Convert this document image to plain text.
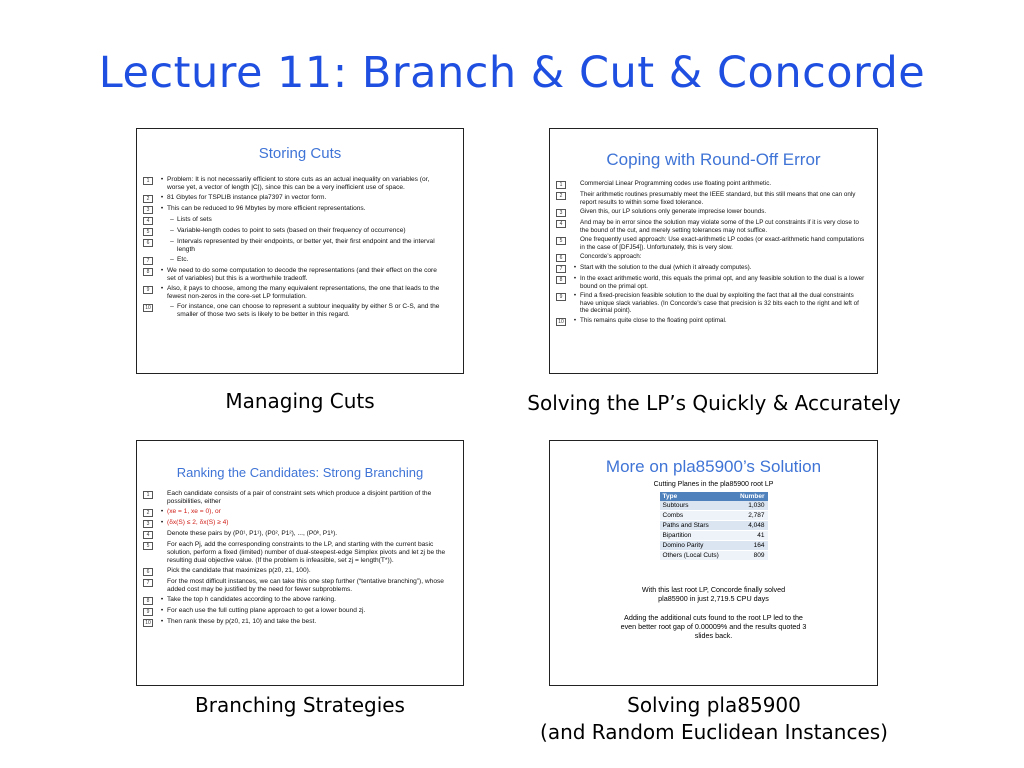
Lecture 11: Branch & Cut & Concorde
Storing Cuts
1	• Problem: It is not necessarily efficient to store cuts as an actual inequality on variables (or, worse yet, a vector of length |C|), since this can be a very inefficient use of space.
2	• 81 Gbytes for TSPLIB instance pla7397 in vector form.
3	• This can be reduced to 96 Mbytes by more efficient representations.
4	– Lists of sets
5	– Variable-length codes to point to sets (based on their frequency of occurrence)
6	– Intervals represented by their endpoints, or better yet, their first endpoint and the interval length
7	– Etc.
8	• We need to do some computation to decode the representations (and their effect on the core set of variables) but this is a worthwhile tradeoff.
9	• Also, it pays to choose, among the many equivalent representations, the one that leads to the fewest non-zeros in the core-set LP formulation.
10	– For instance, one can choose to represent a subtour inequality by either S or C-S, and the smaller of those two sets is likely to be better in this regard.
Managing Cuts
Coping with Round-Off Error
1	Commercial Linear Programming codes use floating point arithmetic.
2	Their arithmetic routines presumably meet the IEEE standard, but this still means that one can only report results to within some fixed tolerance.
3	Given this, our LP solutions only generate imprecise lower bounds.
4	And may be in error since the solution may violate some of the LP cut constraints if it is very close to the bound of the cut, and merely setting tolerances may not suffice.
5	One frequently used approach: Use exact-arithmetic LP codes (or exact-arithmetic hand computations in the case of [DFJ54]). Unfortunately, this is very slow.
6	Concorde’s approach:
7	• Start with the solution to the dual (which it already computes).
8	• In the exact arithmetic world, this equals the primal opt, and any feasible solution to the dual is a lower bound on the primal opt.
9	• Find a fixed-precision feasible solution to the dual by exploiting the fact that all the dual constraints have unique slack variables. (In Concorde’s case that precision is 32 bits each to the right and left of the decimal point).
10	• This remains quite close to the floating point optimal.
Solving the LP’s Quickly & Accurately
Ranking the Candidates: Strong Branching
1	Each candidate consists of a pair of constraint sets which produce a disjoint partition of the possibilities, either
2	• (xe = 1, xe = 0), or
3	• (δx(S) ≤ 2, δx(S) ≥ 4)
4	Denote these pairs by (P0¹, P1¹), (P0², P1²), ..., (P0ᵏ, P1ᵏ).
5	For each Pj, add the corresponding constraints to the LP, and starting with the current basic solution, perform a fixed (limited) number of dual-steepest-edge Simplex pivots and let zj be the resulting dual objective value. (If the problem is infeasible, set zj = length(T*)).
6	Pick the candidate that maximizes p(z0, z1, 100).
7	For the most difficult instances, we can take this one step further (“tentative branching”), whose added cost may be justified by the need for fewer subproblems.
8	• Take the top h candidates according to the above ranking.
9	• For each use the full cutting plane approach to get a lower bound zj.
10	• Then rank these by p(z0, z1, 10) and take the best.
Branching Strategies
More on pla85900’s Solution
Cutting Planes in the pla85900 root LP
Type	Number
Subtours	1,030
Combs	2,787
Paths and Stars	4,048
Bipartition	41
Domino Parity	164
Others (Local Cuts)	809
With this last root LP, Concorde finally solved pla85900 in just 2,719.5 CPU days
Adding the additional cuts found to the root LP led to the even better root gap of 0.00009% and the results quoted 3 slides back.
Solving pla85900
(and Random Euclidean Instances)
